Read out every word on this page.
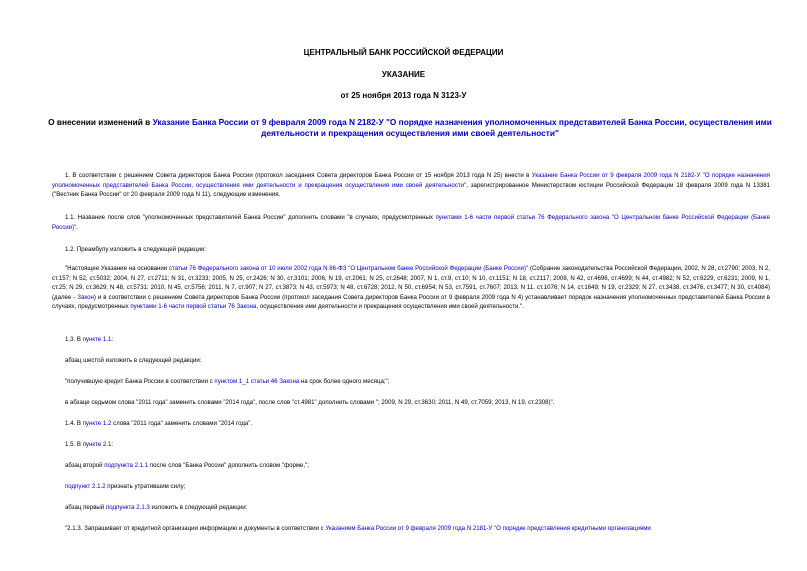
ЦЕНТРАЛЬНЫЙ БАНК РОССИЙСКОЙ ФЕДЕРАЦИИ
УКАЗАНИЕ
от 25 ноября 2013 года N 3123-У
О внесении изменений в Указание Банка России от 9 февраля 2009 года N 2182-У "О порядке назначения уполномоченных представителей Банка России, осуществления ими деятельности и прекращения осуществления ими своей деятельности"
1. В соответствии с решением Совета директоров Банка России (протокол заседания Совета директоров Банка России от 15 ноября 2013 года N 25) внести в Указание Банка России от 9 февраля 2009 года N 2182-У "О порядке назначения уполномоченных представителей Банка России, осуществления ими деятельности и прекращения осуществления ими своей деятельности", зарегистрированное Министерством юстиции Российской Федерации 18 февраля 2009 года N 13381 ("Вестник Банка России" от 20 февраля 2009 года N 11), следующие изменения.
1.1. Название после слов "уполномоченных представителей Банка России" дополнить словами "в случаях, предусмотренных пунктами 1-6 части первой статьи 76 Федерального закона "О Центральном банке Российской Федерации (Банке России)".
1.2. Преамбулу изложить в следующей редакции:
"Настоящее Указание на основании статьи 76 Федерального закона от 10 июля 2002 года N 86-ФЗ "О Центральном банке Российской Федерации (Банке России)" (Собрание законодательства Российской Федерации, 2002, N 28, ст.2790; 2003, N 2, ст.157; N 52, ст.5032; 2004, N 27, ст.2711; N 31, ст.3233; 2005, N 25, ст.2426; N 30, ст.3101; 2006, N 19, ст.2061; N 25, ст.2648; 2007, N 1, ст.9, ст.10; N 10, ст.1151; N 18, ст.2117; 2008, N 42, ст.4696, ст.4699; N 44, ст.4982; N 52, ст.6229, ст.6231; 2009, N 1, ст.25; N 29, ст.3629; N 48, ст.5731; 2010, N 45, ст.5756; 2011, N 7, ст.907; N 27, ст.3873; N 43, ст.5973; N 48, ст.6728; 2012, N 50, ст.6954; N 53, ст.7591, ст.7607; 2013, N 11, ст.1076; N 14, ст.1649; N 19, ст.2329; N 27, ст.3438, ст.3476, ст.3477; N 30, ст.4084) (далее - Закон) и в соответствии с решением Совета директоров Банка России (протокол заседания Совета директоров Банка России от 9 февраля 2009 года N 4) устанавливает порядок назначения уполномоченных представителей Банка России в случаях, предусмотренных пунктами 1-6 части первой статьи 76 Закона, осуществления ими деятельности и прекращения осуществления ими своей деятельности.".
1.3. В пункте 1.1:
абзац шестой изложить в следующей редакции:
"получившую кредит Банка России в соответствии с пунктом 1_1 статьи 46 Закона на срок более одного месяца;";
в абзаце седьмом слова "2011 года" заменить словами "2014 года", после слов "ст.4981" дополнить словами "; 2009, N 29, ст.3630; 2011, N 49, ст.7059; 2013, N 19, ст.2308)".
1.4. В пункте 1.2 слова "2011 года" заменить словами "2014 года".
1.5. В пункте 2.1:
абзац второй подпункта 2.1.1 после слов "Банка России" дополнить словом "форме,";
подпункт 2.1.2 признать утратившим силу;
абзац первый подпункта 2.1.3 изложить в следующей редакции:
"2.1.3. Запрашивает от кредитной организации информацию и документы в соответствии с Указанием Банка России от 9 февраля 2009 года N 2181-У "О порядке представления кредитными организациями
